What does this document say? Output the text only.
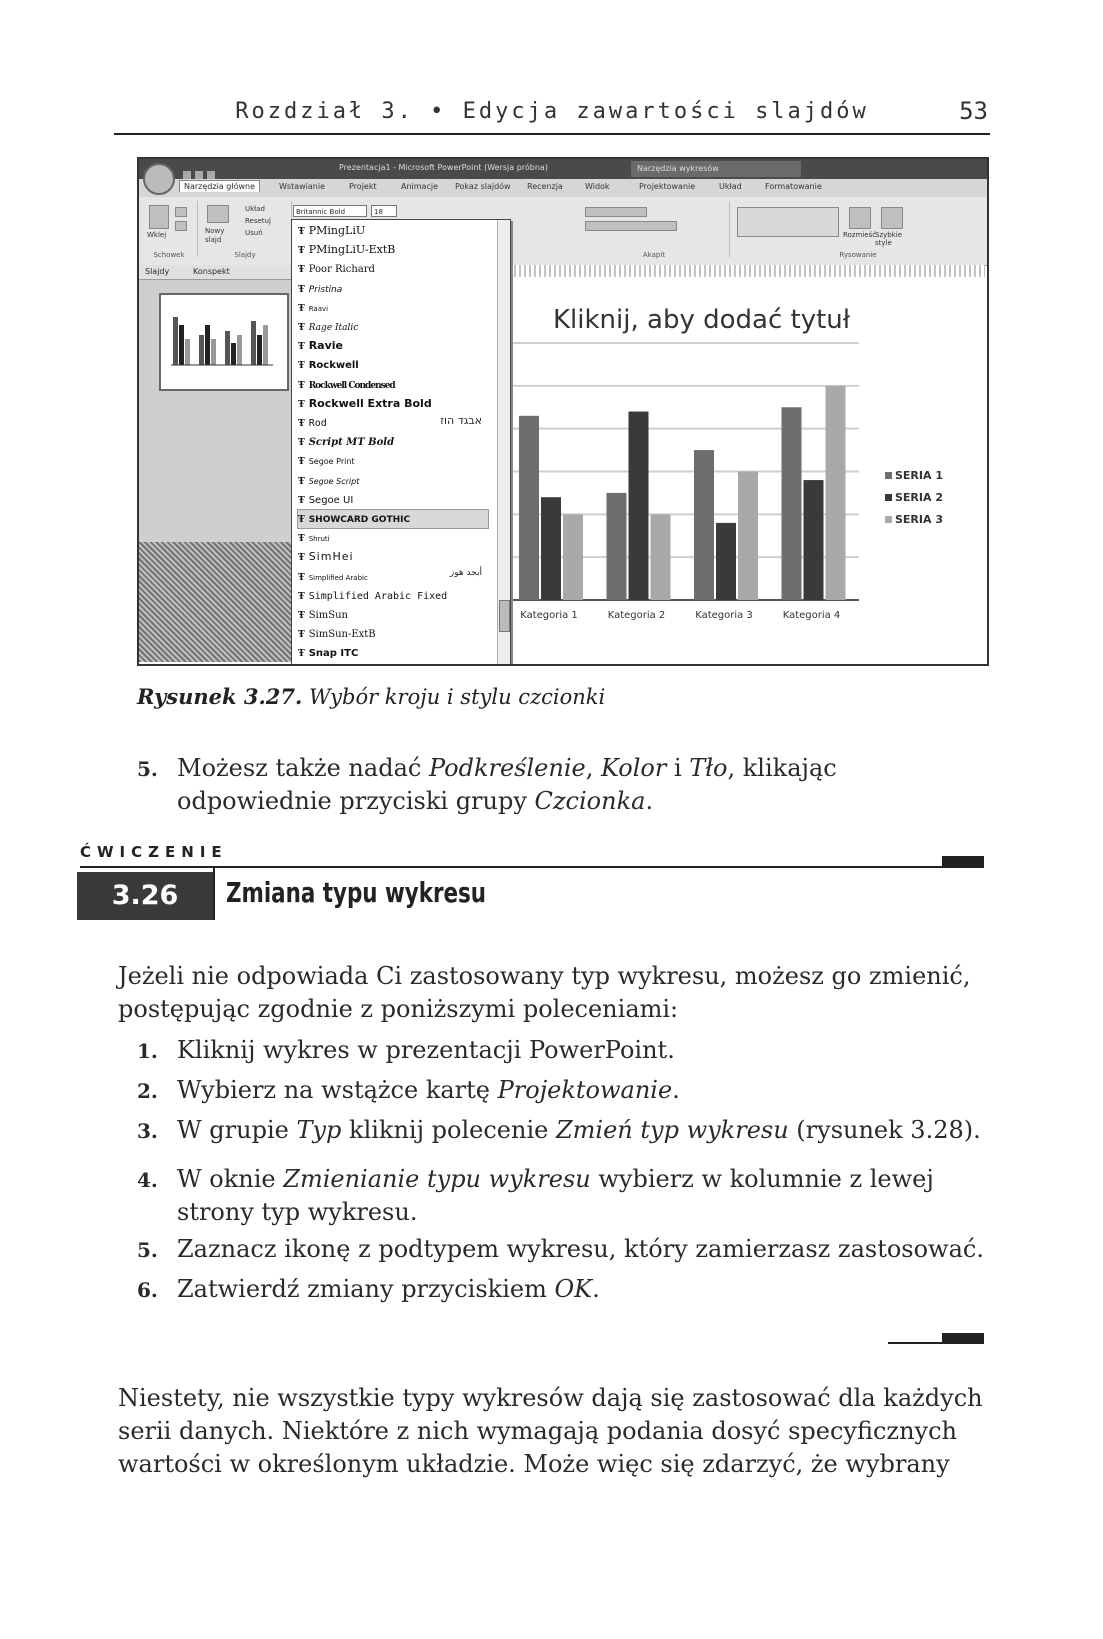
Rozdział 3. • Edycja zawartości slajdów	53
Prezentacja1 - Microsoft PowerPoint (Wersja próbna)	Narzędzia wykresów
Narzędzia główne	Wstawianie	Projekt	Animacje Pokaz slajdów Recenzja	Widok	Projektowanie	Układ	Formatowanie
Wklej
Schowek
Nowy slajd
Układ
Resetuj
Usuń
Slajdy
Britannic Bold	18
Akapit
Rozmieść
Szybkie style
Rysowanie
Slajdy	Konspekt
Ŧ PMingLiU
Ŧ PMingLiU-ExtB
Ŧ Poor Richard
Ŧ Pristina
Ŧ Raavi
Ŧ Rage Italic
Ŧ Ravie
Ŧ Rockwell
Ŧ Rockwell Condensed
Ŧ Rockwell Extra Bold
Ŧ Rod	אבגד הוז
Ŧ Script MT Bold
Ŧ Segoe Print
Ŧ Segoe Script
Ŧ Segoe UI
Ŧ SHOWCARD GOTHIC
Ŧ Shruti
Ŧ SimHei
Ŧ Simplified Arabic	أبجد هوز
Ŧ Simplified Arabic Fixed
Ŧ SimSun
Ŧ SimSun-ExtB
Ŧ Snap ITC
Kliknij, aby dodać tytuł
Kategoria 1	Kategoria 2	Kategoria 3	Kategoria 4
SERIA 1
SERIA 2
SERIA 3
Rysunek 3.27. Wybór kroju i stylu czcionki
5. Możesz także nadać Podkreślenie, Kolor i Tło, klikając odpowiednie przyciski grupy Czcionka.
ĆWICZENIE
3.26	Zmiana typu wykresu
Jeżeli nie odpowiada Ci zastosowany typ wykresu, możesz go zmienić, postępując zgodnie z poniższymi poleceniami:
1. Kliknij wykres w prezentacji PowerPoint.
2. Wybierz na wstążce kartę Projektowanie.
3. W grupie Typ kliknij polecenie Zmień typ wykresu (rysunek 3.28).
4. W oknie Zmienianie typu wykresu wybierz w kolumnie z lewej strony typ wykresu.
5. Zaznacz ikonę z podtypem wykresu, który zamierzasz zastosować.
6. Zatwierdź zmiany przyciskiem OK.
Niestety, nie wszystkie typy wykresów dają się zastosować dla każdych serii danych. Niektóre z nich wymagają podania dosyć specyficznych wartości w określonym układzie. Może więc się zdarzyć, że wybrany
